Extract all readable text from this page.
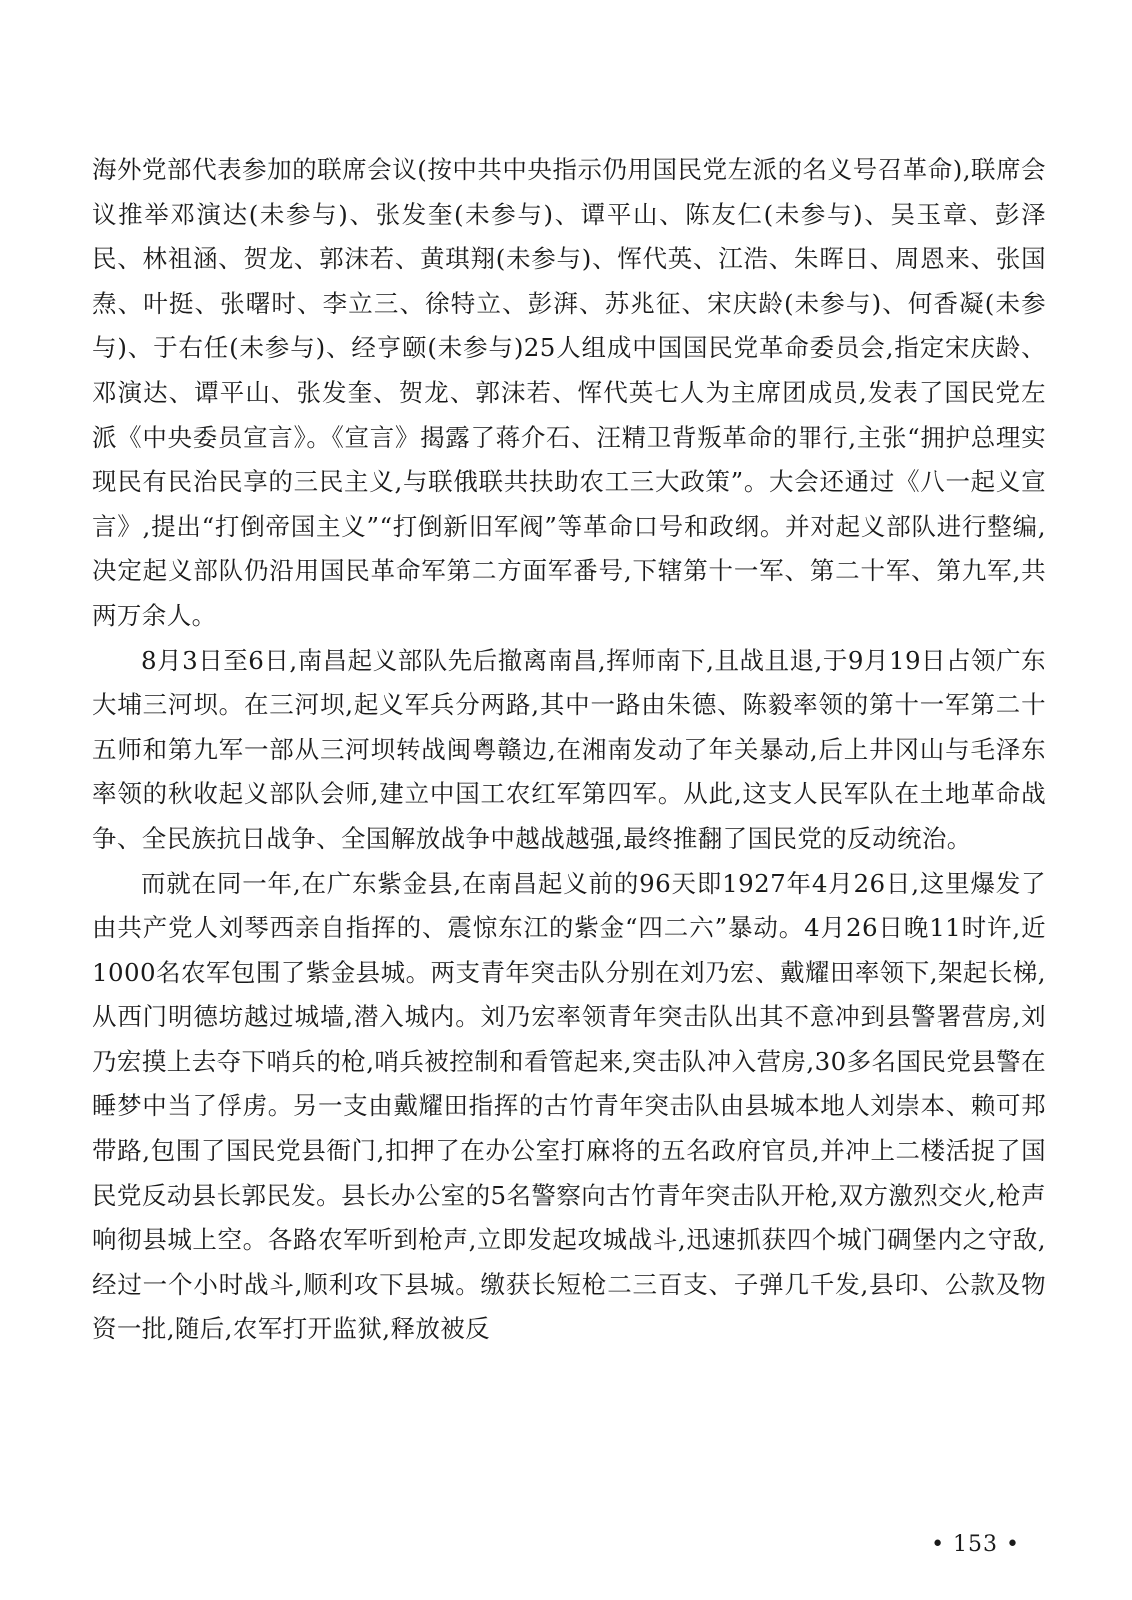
海外党部代表参加的联席会议(按中共中央指示仍用国民党左派的名义号召革命),联席会议推举邓演达(未参与)、张发奎(未参与)、谭平山、陈友仁(未参与)、吴玉章、彭泽民、林祖涵、贺龙、郭沫若、黄琪翔(未参与)、恽代英、江浩、朱晖日、周恩来、张国焘、叶挺、张曙时、李立三、徐特立、彭湃、苏兆征、宋庆龄(未参与)、何香凝(未参与)、于右任(未参与)、经亨颐(未参与)25人组成中国国民党革命委员会,指定宋庆龄、邓演达、谭平山、张发奎、贺龙、郭沫若、恽代英七人为主席团成员,发表了国民党左派《中央委员宣言》。《宣言》揭露了蒋介石、汪精卫背叛革命的罪行,主张“拥护总理实现民有民治民享的三民主义,与联俄联共扶助农工三大政策”。大会还通过《八一起义宣言》,提出“打倒帝国主义”“打倒新旧军阀”等革命口号和政纲。并对起义部队进行整编,决定起义部队仍沿用国民革命军第二方面军番号,下辖第十一军、第二十军、第九军,共两万余人。

8月3日至6日,南昌起义部队先后撤离南昌,挥师南下,且战且退,于9月19日占领广东大埔三河坝。在三河坝,起义军兵分两路,其中一路由朱德、陈毅率领的第十一军第二十五师和第九军一部从三河坝转战闽粤赣边,在湘南发动了年关暴动,后上井冈山与毛泽东率领的秋收起义部队会师,建立中国工农红军第四军。从此,这支人民军队在土地革命战争、全民族抗日战争、全国解放战争中越战越强,最终推翻了国民党的反动统治。

而就在同一年,在广东紫金县,在南昌起义前的96天即1927年4月26日,这里爆发了由共产党人刘琴西亲自指挥的、震惊东江的紫金“四二六”暴动。4月26日晚11时许,近1000名农军包围了紫金县城。两支青年突击队分别在刘乃宏、戴耀田率领下,架起长梯,从西门明德坊越过城墙,潜入城内。刘乃宏率领青年突击队出其不意冲到县警署营房,刘乃宏摸上去夺下哨兵的枪,哨兵被控制和看管起来,突击队冲入营房,30多名国民党县警在睡梦中当了俘虏。另一支由戴耀田指挥的古竹青年突击队由县城本地人刘崇本、赖可邦带路,包围了国民党县衙门,扣押了在办公室打麻将的五名政府官员,并冲上二楼活捉了国民党反动县长郭民发。县长办公室的5名警察向古竹青年突击队开枪,双方激烈交火,枪声响彻县城上空。各路农军听到枪声,立即发起攻城战斗,迅速抓获四个城门碉堡内之守敌,经过一个小时战斗,顺利攻下县城。缴获长短枪二三百支、子弹几千发,县印、公款及物资一批,随后,农军打开监狱,释放被反

• 153 •
